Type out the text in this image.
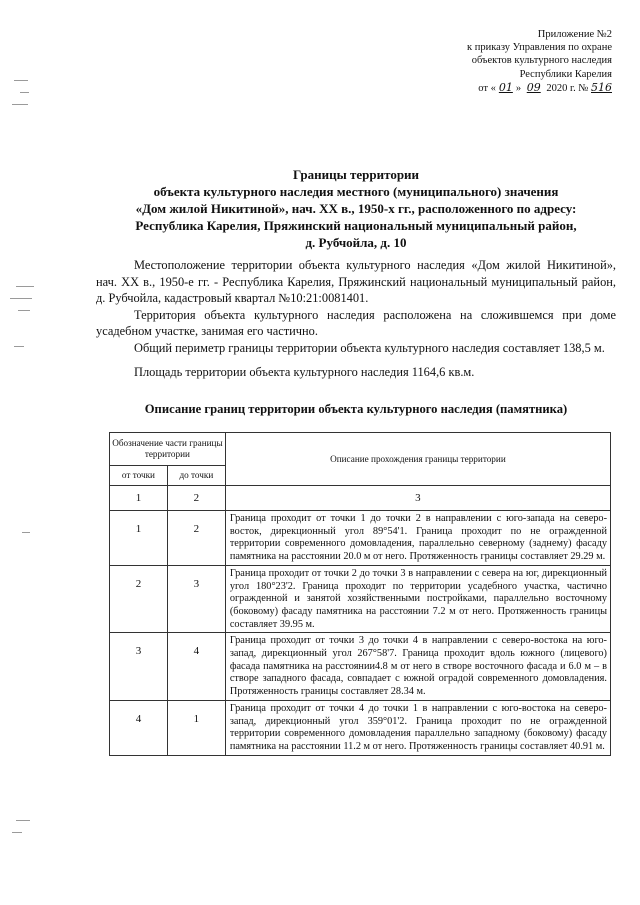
Приложение №2
к приказу Управления по охране
объектов культурного наследия
Республики Карелия
от « 01 » 09 2020 г. № 516
Границы территории
объекта культурного наследия местного (муниципального) значения
«Дом жилой Никитиной», нач. XX в., 1950-х гг., расположенного по адресу:
Республика Карелия, Пряжинский национальный муниципальный район,
д. Рубчойла, д. 10

Местоположение территории объекта культурного наследия «Дом жилой Никитиной», нач. XX в., 1950-е гг. - Республика Карелия, Пряжинский национальный муниципальный район, д. Рубчойла, кадастровый квартал №10:21:0081401.

Территория объекта культурного наследия расположена на сложившемся при доме усадебном участке, занимая его частично.

Общий периметр границы территории объекта культурного наследия составляет 138,5 м.

Площадь территории объекта культурного наследия 1164,6 кв.м.

Описание границ территории объекта культурного наследия (памятника)
Обозначение части границы территории		Описание прохождения границы территории
от точки	до точки	
1	2	3
1	2	Граница проходит от точки 1 до точки 2 в направлении с юго-запада на северо-восток, дирекционный угол 89°54'1. Граница проходит по не огражденной территории современного домовладения, параллельно северному (заднему) фасаду памятника на расстоянии 20.0 м от него. Протяженность границы составляет 29.29 м.
2	3	Граница проходит от точки 2 до точки 3 в направлении с севера на юг, дирекционный угол 180°23'2. Граница проходит по территории усадебного участка, частично огражденной и занятой хозяйственными постройками, параллельно восточному (боковому) фасаду памятника на расстоянии 7.2 м от него. Протяженность границы составляет 39.95 м.
3	4	Граница проходит от точки 3 до точки 4 в направлении с северо-востока на юго-запад, дирекционный угол 267°58'7. Граница проходит вдоль южного (лицевого) фасада памятника на расстоянии4.8 м от него в створе восточного фасада и 6.0 м – в створе западного фасада, совпадает с южной оградой современного домовладения. Протяженность границы составляет 28.34 м.
4	1	Граница проходит от точки 4 до точки 1 в направлении с юго-востока на северо-запад, дирекционный угол 359°01'2. Граница проходит по не огражденной территории современного домовладения параллельно западному (боковому) фасаду памятника на расстоянии 11.2 м от него. Протяженность границы составляет 40.91 м.
